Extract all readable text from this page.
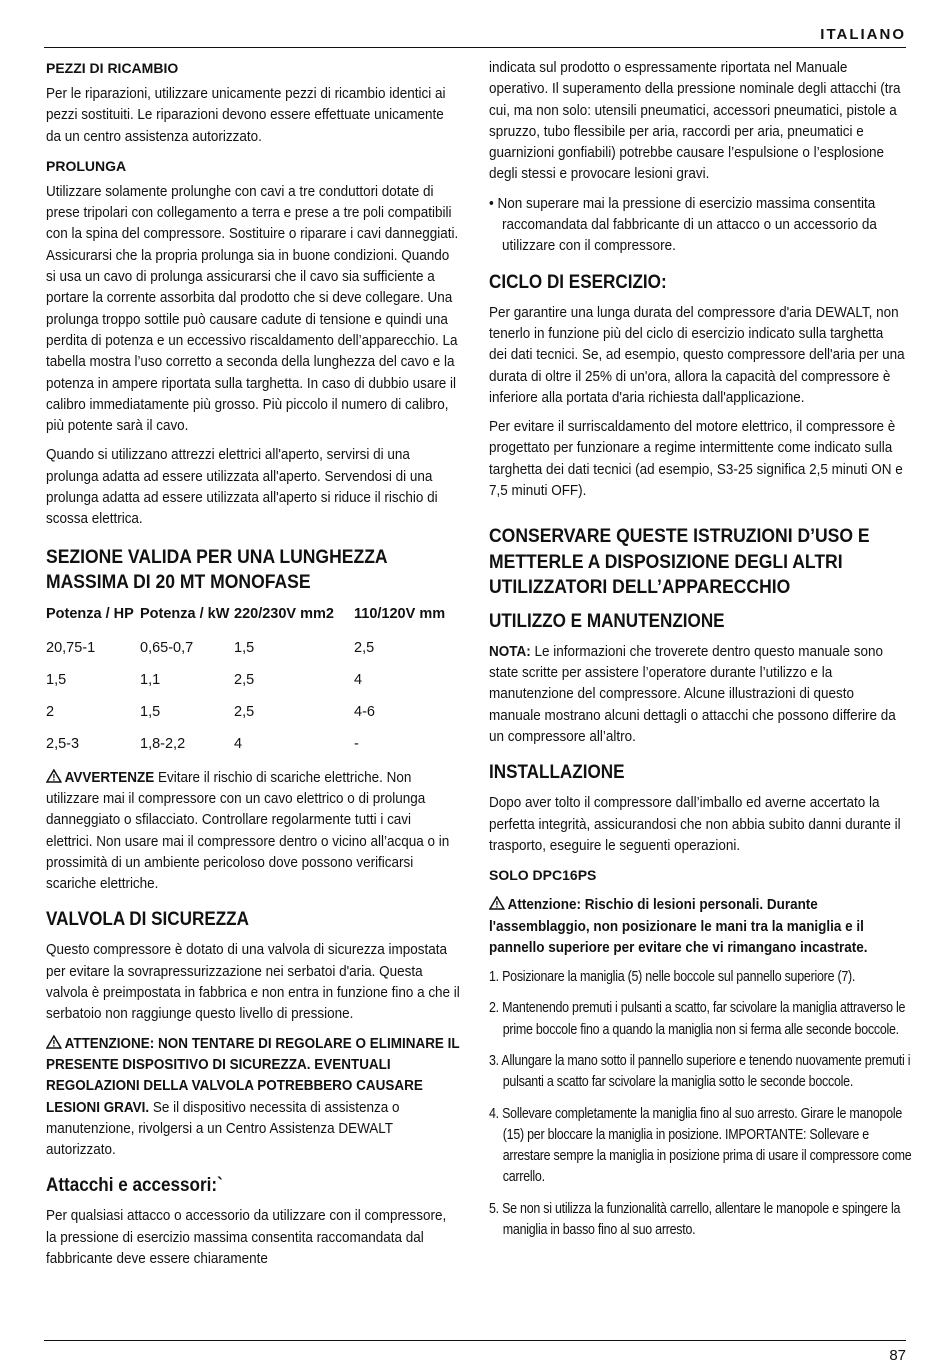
ITALIANO
PEZZI DI RICAMBIO

Per le riparazioni, utilizzare unicamente pezzi di ricambio identici ai pezzi sostituiti. Le riparazioni devono essere effettuate unicamente da un centro assistenza autorizzato.

PROLUNGA

Utilizzare solamente prolunghe con cavi a tre conduttori dotate di prese tripolari con collegamento a terra e prese a tre poli compatibili con la spina del compressore. Sostituire o riparare i cavi danneggiati. Assicurarsi che la propria prolunga sia in buone condizioni. Quando si usa un cavo di prolunga assicurarsi che il cavo sia sufficiente a portare la corrente assorbita dal prodotto che si deve collegare. Una prolunga troppo sottile può causare cadute di tensione e quindi una perdita di potenza e un eccessivo riscaldamento dell’apparecchio. La tabella mostra l’uso corretto a seconda della lunghezza del cavo e la potenza in ampere riportata sulla targhetta. In caso di dubbio usare il calibro immediatamente più grosso. Più piccolo il numero di calibro, più potente sarà il cavo.

Quando si utilizzano attrezzi elettrici all'aperto, servirsi di una prolunga adatta ad essere utilizzata all'aperto. Servendosi di una prolunga adatta ad essere utilizzata all'aperto si riduce il rischio di scossa elettrica.

SEZIONE VALIDA PER UNA LUNGHEZZA MASSIMA DI 20 MT MONOFASE
Potenza / HP	Potenza / kW	220/230V mm2	110/120V mm
20,75-1	0,65-0,7	1,5	2,5
1,5	1,1	2,5	4
2	1,5	2,5	4-6
2,5-3	1,8-2,2	4	-

AVVERTENZE Evitare il rischio di scariche elettriche. Non utilizzare mai il compressore con un cavo elettrico o di prolunga danneggiato o sfilacciato. Controllare regolarmente tutti i cavi elettrici. Non usare mai il compressore dentro o vicino all’acqua o in prossimità di un ambiente pericoloso dove possono verificarsi scariche elettriche.

VALVOLA DI SICUREZZA

Questo compressore è dotato di una valvola di sicurezza impostata per evitare la sovrapressurizzazione nei serbatoi d'aria. Questa valvola è preimpostata in fabbrica e non entra in funzione fino a che il serbatoio non raggiunge questo livello di pressione.

ATTENZIONE: NON TENTARE DI REGOLARE O ELIMINARE IL PRESENTE DISPOSITIVO DI SICUREZZA. EVENTUALI REGOLAZIONI DELLA VALVOLA POTREBBERO CAUSARE LESIONI GRAVI. Se il dispositivo necessita di assistenza o manutenzione, rivolgersi a un Centro Assistenza DEWALT autorizzato.

Attacchi e accessori:`

Per qualsiasi attacco o accessorio da utilizzare con il compressore, la pressione di esercizio massima consentita raccomandata dal fabbricante deve essere chiaramente

indicata sul prodotto o espressamente riportata nel Manuale operativo. Il superamento della pressione nominale degli attacchi (tra cui, ma non solo: utensili pneumatici, accessori pneumatici, pistole a spruzzo, tubo flessibile per aria, raccordi per aria, pneumatici e guarnizioni gonfiabili) potrebbe causare l’espulsione o l’esplosione degli stessi e provocare lesioni gravi.

• Non superare mai la pressione di esercizio massima consentita raccomandata dal fabbricante di un attacco o un accessorio da utilizzare con il compressore.

CICLO DI ESERCIZIO:

Per garantire una lunga durata del compressore d'aria DEWALT, non tenerlo in funzione più del ciclo di esercizio indicato sulla targhetta dei dati tecnici. Se, ad esempio, questo compressore dell'aria per una durata di oltre il 25% di un'ora, allora la capacità del compressore è inferiore alla portata d'aria richiesta dall'applicazione.

Per evitare il surriscaldamento del motore elettrico, il compressore è progettato per funzionare a regime intermittente come indicato sulla targhetta dei dati tecnici (ad esempio, S3-25 significa 2,5 minuti ON e 7,5 minuti OFF).

CONSERVARE QUESTE ISTRUZIONI D’USO E METTERLE A DISPOSIZIONE DEGLI ALTRI UTILIZZATORI DELL’APPARECCHIO
UTILIZZO E MANUTENZIONE

NOTA: Le informazioni che troverete dentro questo manuale sono state scritte per assistere l’operatore durante l’utilizzo e la manutenzione del compressore. Alcune illustrazioni di questo manuale mostrano alcuni dettagli o attacchi che possono differire da un compressore all’altro.

INSTALLAZIONE

Dopo aver tolto il compressore dall’imballo ed averne accertato la perfetta integrità, assicurandosi che non abbia subito danni durante il trasporto, eseguire le seguenti operazioni.

SOLO DPC16PS

Attenzione: Rischio di lesioni personali. Durante l'assemblaggio, non posizionare le mani tra la maniglia e il pannello superiore per evitare che vi rimangano incastrate.

1. Posizionare la maniglia (5) nelle boccole sul pannello superiore (7).
2. Mantenendo premuti i pulsanti a scatto, far scivolare la maniglia attraverso le prime boccole fino a quando la maniglia non si ferma alle seconde boccole.
3. Allungare la mano sotto il pannello superiore e tenendo nuovamente premuti i pulsanti a scatto far scivolare la maniglia sotto le seconde boccole.
4. Sollevare completamente la maniglia fino al suo arresto. Girare le manopole (15) per bloccare la maniglia in posizione. IMPORTANTE: Sollevare e arrestare sempre la maniglia in posizione prima di usare il compressore come carrello.
5. Se non si utilizza la funzionalità carrello, allentare le manopole e spingere la maniglia in basso fino al suo arresto.
87
